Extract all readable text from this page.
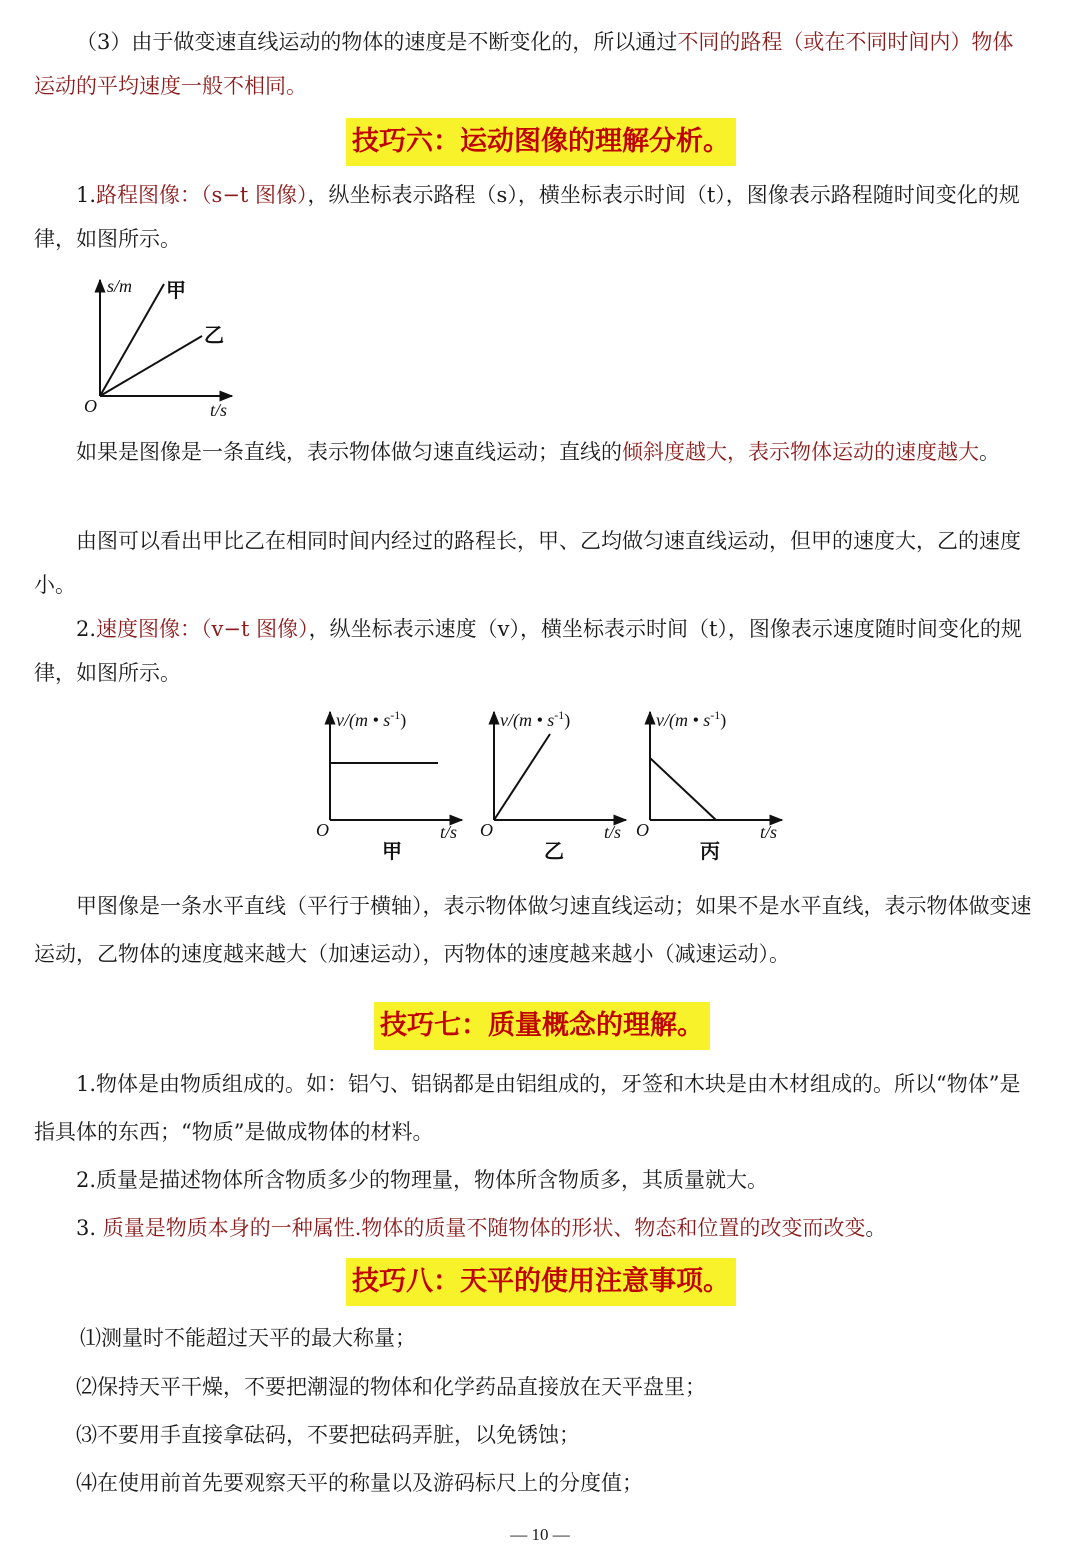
（3）由于做变速直线运动的物体的速度是不断变化的，所以通过不同的路程（或在不同时间内）物体运动的平均速度一般不相同。

技巧六：运动图像的理解分析。

1.路程图像：（s−t 图像），纵坐标表示路程（s），横坐标表示时间（t），图像表示路程随时间变化的规律，如图所示。

s/m
t/s
O
甲
乙

如果是图像是一条直线，表示物体做匀速直线运动；直线的倾斜度越大，表示物体运动的速度越大。

由图可以看出甲比乙在相同时间内经过的路程长，甲、乙均做匀速直线运动，但甲的速度大，乙的速度小。

2.速度图像：（v−t 图像），纵坐标表示速度（v），横坐标表示时间（t），图像表示速度随时间变化的规律，如图所示。

v/(m • $s^{-1}$)
t/s
O
甲
v/(m • $s^{-1}$)
t/s
O
乙
v/(m • $s^{-1}$)
t/s
O
丙

甲图像是一条水平直线（平行于横轴），表示物体做匀速直线运动；如果不是水平直线，表示物体做变速运动，乙物体的速度越来越大（加速运动），丙物体的速度越来越小（减速运动）。

技巧七：质量概念的理解。

1.物体是由物质组成的。如：铝勺、铝锅都是由铝组成的，牙签和木块是由木材组成的。所以“物体”是指具体的东西；“物质”是做成物体的材料。

2.质量是描述物体所含物质多少的物理量，物体所含物质多，其质量就大。

3. 质量是物质本身的一种属性.物体的质量不随物体的形状、物态和位置的改变而改变。

技巧八：天平的使用注意事项。

⑴测量时不能超过天平的最大称量；

⑵保持天平干燥，不要把潮湿的物体和化学药品直接放在天平盘里；

⑶不要用手直接拿砝码，不要把砝码弄脏，以免锈蚀；

⑷在使用前首先要观察天平的称量以及游码标尺上的分度值；

— 10 —
